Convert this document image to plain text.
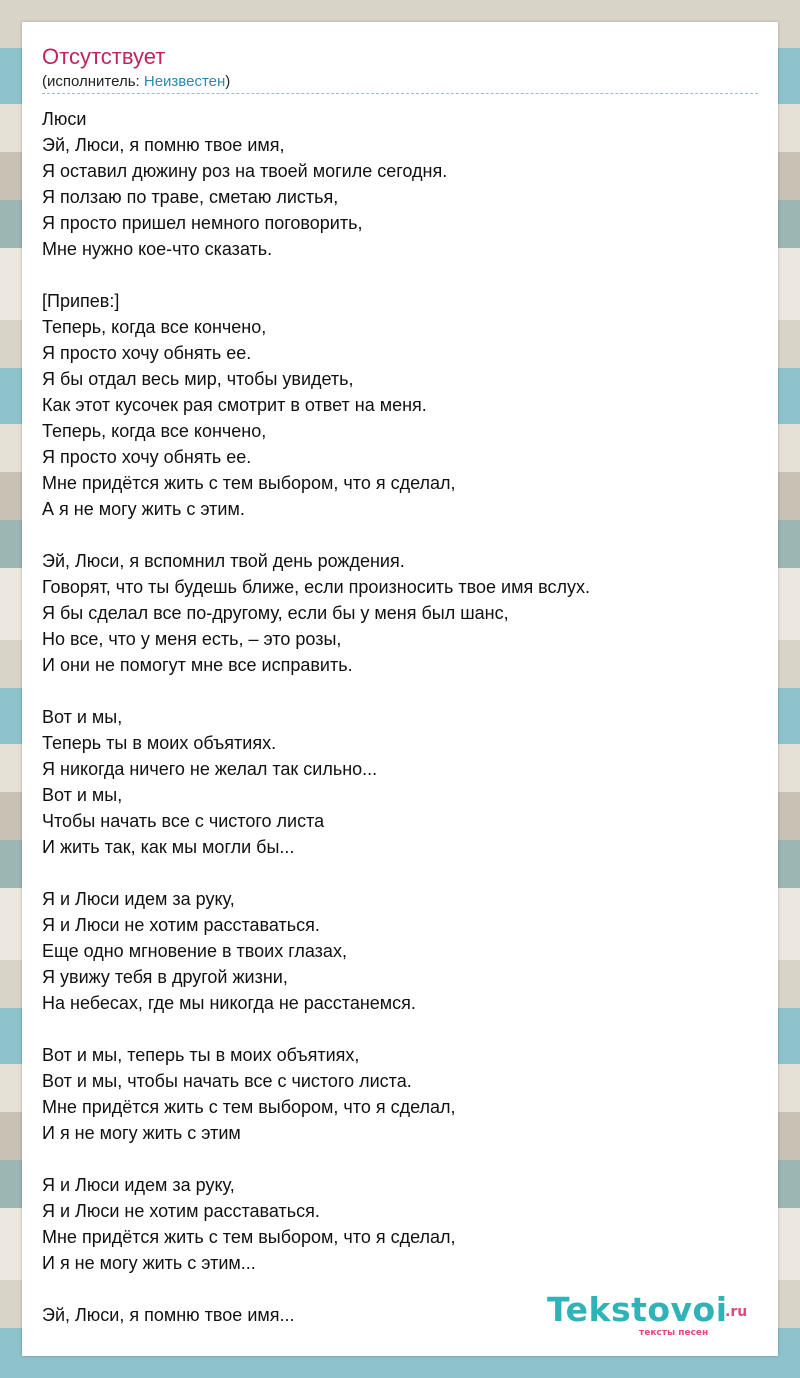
Отсутствует
(исполнитель: Неизвестен)
Люси
Эй, Люси, я помню твое имя,
Я оставил дюжину роз на твоей могиле сегодня.
Я ползаю по траве, сметаю листья,
Я просто пришел немного поговорить,
Мне нужно кое-что сказать.

[Припев:]
Теперь, когда все кончено,
Я просто хочу обнять ее.
Я бы отдал весь мир, чтобы увидеть,
Как этот кусочек рая смотрит в ответ на меня.
Теперь, когда все кончено,
Я просто хочу обнять ее.
Мне придётся жить с тем выбором, что я сделал,
А я не могу жить с этим.

Эй, Люси, я вспомнил твой день рождения.
Говорят, что ты будешь ближе, если произносить твое имя вслух.
Я бы сделал все по-другому, если бы у меня был шанс,
Но все, что у меня есть, – это розы,
И они не помогут мне все исправить.

Вот и мы,
Теперь ты в моих объятиях.
Я никогда ничего не желал так сильно...
Вот и мы,
Чтобы начать все с чистого листа
И жить так, как мы могли бы...

Я и Люси идем за руку,
Я и Люси не хотим расставаться.
Еще одно мгновение в твоих глазах,
Я увижу тебя в другой жизни,
На небесах, где мы никогда не расстанемся.

Вот и мы, теперь ты в моих объятиях,
Вот и мы, чтобы начать все с чистого листа.
Мне придётся жить с тем выбором, что я сделал,
И я не могу жить с этим

Я и Люси идем за руку,
Я и Люси не хотим расставаться.
Мне придётся жить с тем выбором, что я сделал,
И я не могу жить с этим...

Эй, Люси, я помню твое имя...	Tekstovoi
.ru
тексты песен
